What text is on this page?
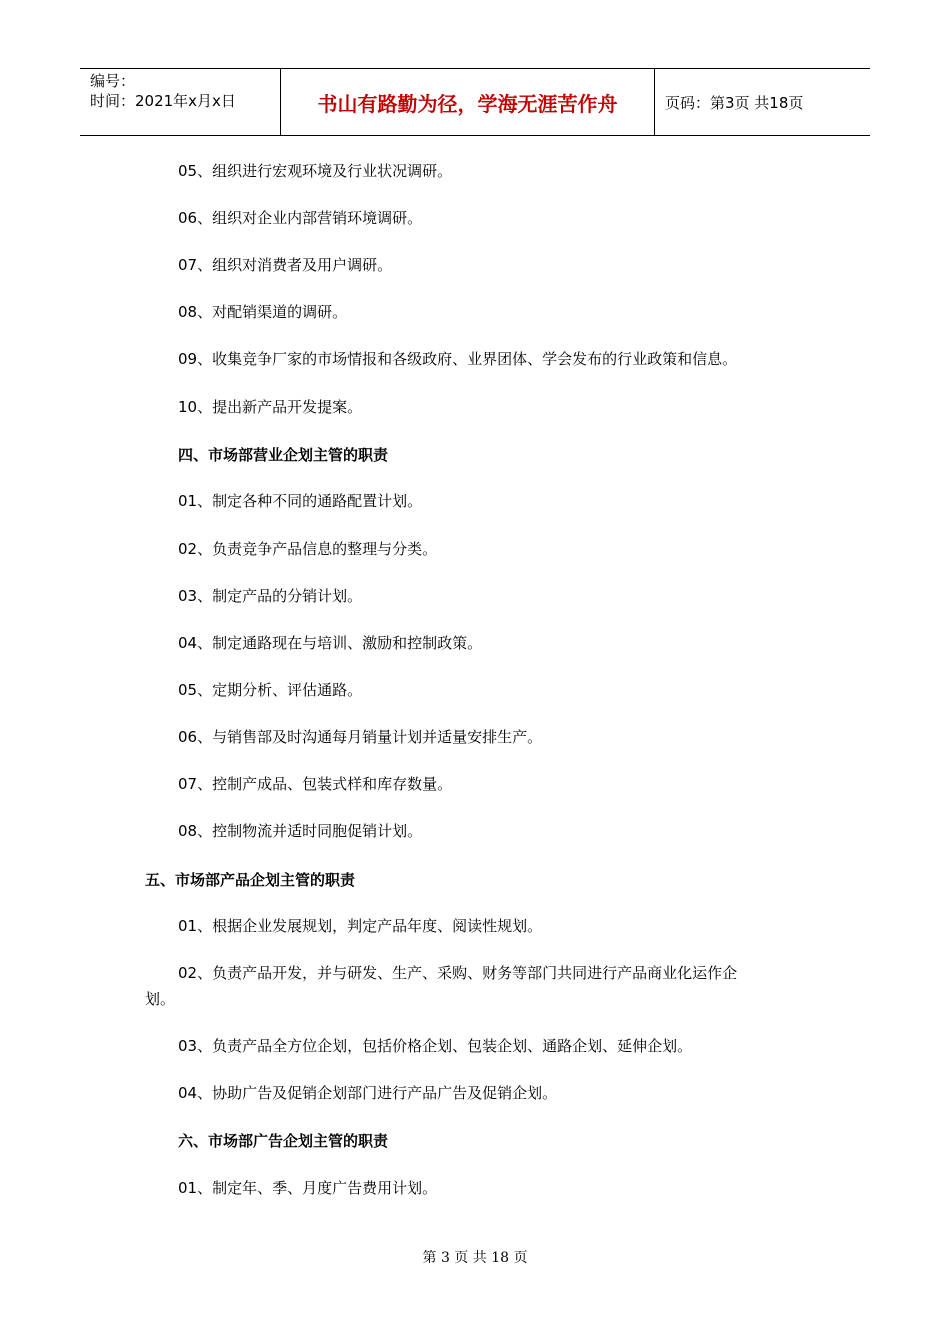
编号：
时间：2021年x月x日	书山有路勤为径，学海无涯苦作舟	页码：第3页 共18页
05、组织进行宏观环境及行业状况调研。
06、组织对企业内部营销环境调研。
07、组织对消费者及用户调研。
08、对配销渠道的调研。
09、收集竞争厂家的市场情报和各级政府、业界团体、学会发布的行业政策和信息。
10、提出新产品开发提案。
四、市场部营业企划主管的职责
01、制定各种不同的通路配置计划。
02、负责竞争产品信息的整理与分类。
03、制定产品的分销计划。
04、制定通路现在与培训、激励和控制政策。
05、定期分析、评估通路。
06、与销售部及时沟通每月销量计划并适量安排生产。
07、控制产成品、包装式样和库存数量。
08、控制物流并适时同胞促销计划。
五、市场部产品企划主管的职责
01、根据企业发展规划，判定产品年度、阅读性规划。
02、负责产品开发，并与研发、生产、采购、财务等部门共同进行产品商业化运作企
划。
03、负责产品全方位企划，包括价格企划、包装企划、通路企划、延伸企划。
04、协助广告及促销企划部门进行产品广告及促销企划。
六、市场部广告企划主管的职责
01、制定年、季、月度广告费用计划。
第 3 页 共 18 页
